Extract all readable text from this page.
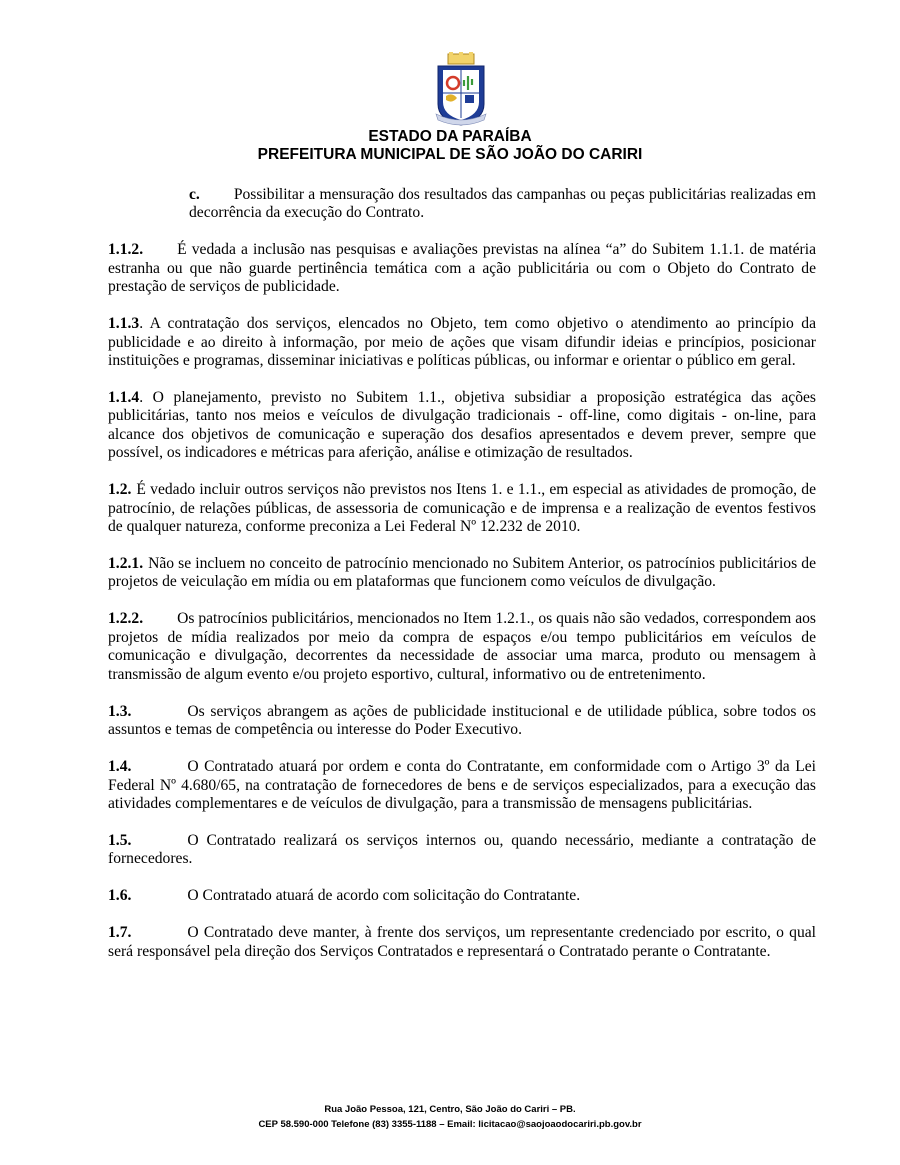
ESTADO DA PARAÍBA
PREFEITURA MUNICIPAL DE SÃO JOÃO DO CARIRI

c. Possibilitar a mensuração dos resultados das campanhas ou peças publicitárias realizadas em decorrência da execução do Contrato.

1.1.2. É vedada a inclusão nas pesquisas e avaliações previstas na alínea “a” do Subitem 1.1.1. de matéria estranha ou que não guarde pertinência temática com a ação publicitária ou com o Objeto do Contrato de prestação de serviços de publicidade.

1.1.3. A contratação dos serviços, elencados no Objeto, tem como objetivo o atendimento ao princípio da publicidade e ao direito à informação, por meio de ações que visam difundir ideias e princípios, posicionar instituições e programas, disseminar iniciativas e políticas públicas, ou informar e orientar o público em geral.

1.1.4. O planejamento, previsto no Subitem 1.1., objetiva subsidiar a proposição estratégica das ações publicitárias, tanto nos meios e veículos de divulgação tradicionais - off-line, como digitais - on-line, para alcance dos objetivos de comunicação e superação dos desafios apresentados e devem prever, sempre que possível, os indicadores e métricas para aferição, análise e otimização de resultados.

1.2. É vedado incluir outros serviços não previstos nos Itens 1. e 1.1., em especial as atividades de promoção, de patrocínio, de relações públicas, de assessoria de comunicação e de imprensa e a realização de eventos festivos de qualquer natureza, conforme preconiza a Lei Federal Nº 12.232 de 2010.

1.2.1. Não se incluem no conceito de patrocínio mencionado no Subitem Anterior, os patrocínios publicitários de projetos de veiculação em mídia ou em plataformas que funcionem como veículos de divulgação.

1.2.2. Os patrocínios publicitários, mencionados no Item 1.2.1., os quais não são vedados, correspondem aos projetos de mídia realizados por meio da compra de espaços e/ou tempo publicitários em veículos de comunicação e divulgação, decorrentes da necessidade de associar uma marca, produto ou mensagem à transmissão de algum evento e/ou projeto esportivo, cultural, informativo ou de entretenimento.

1.3.	Os serviços abrangem as ações de publicidade institucional e de utilidade pública, sobre todos os assuntos e temas de competência ou interesse do Poder Executivo.

1.4.	O Contratado atuará por ordem e conta do Contratante, em conformidade com o Artigo 3º da Lei Federal Nº 4.680/65, na contratação de fornecedores de bens e de serviços especializados, para a execução das atividades complementares e de veículos de divulgação, para a transmissão de mensagens publicitárias.

1.5.	O Contratado realizará os serviços internos ou, quando necessário, mediante a contratação de fornecedores.

1.6.	O Contratado atuará de acordo com solicitação do Contratante.

1.7.	O Contratado deve manter, à frente dos serviços, um representante credenciado por escrito, o qual será responsável pela direção dos Serviços Contratados e representará o Contratado perante o Contratante.

Rua João Pessoa, 121, Centro, São João do Cariri – PB.
CEP 58.590-000 Telefone (83) 3355-1188 – Email: licitacao@saojoaodocariri.pb.gov.br
